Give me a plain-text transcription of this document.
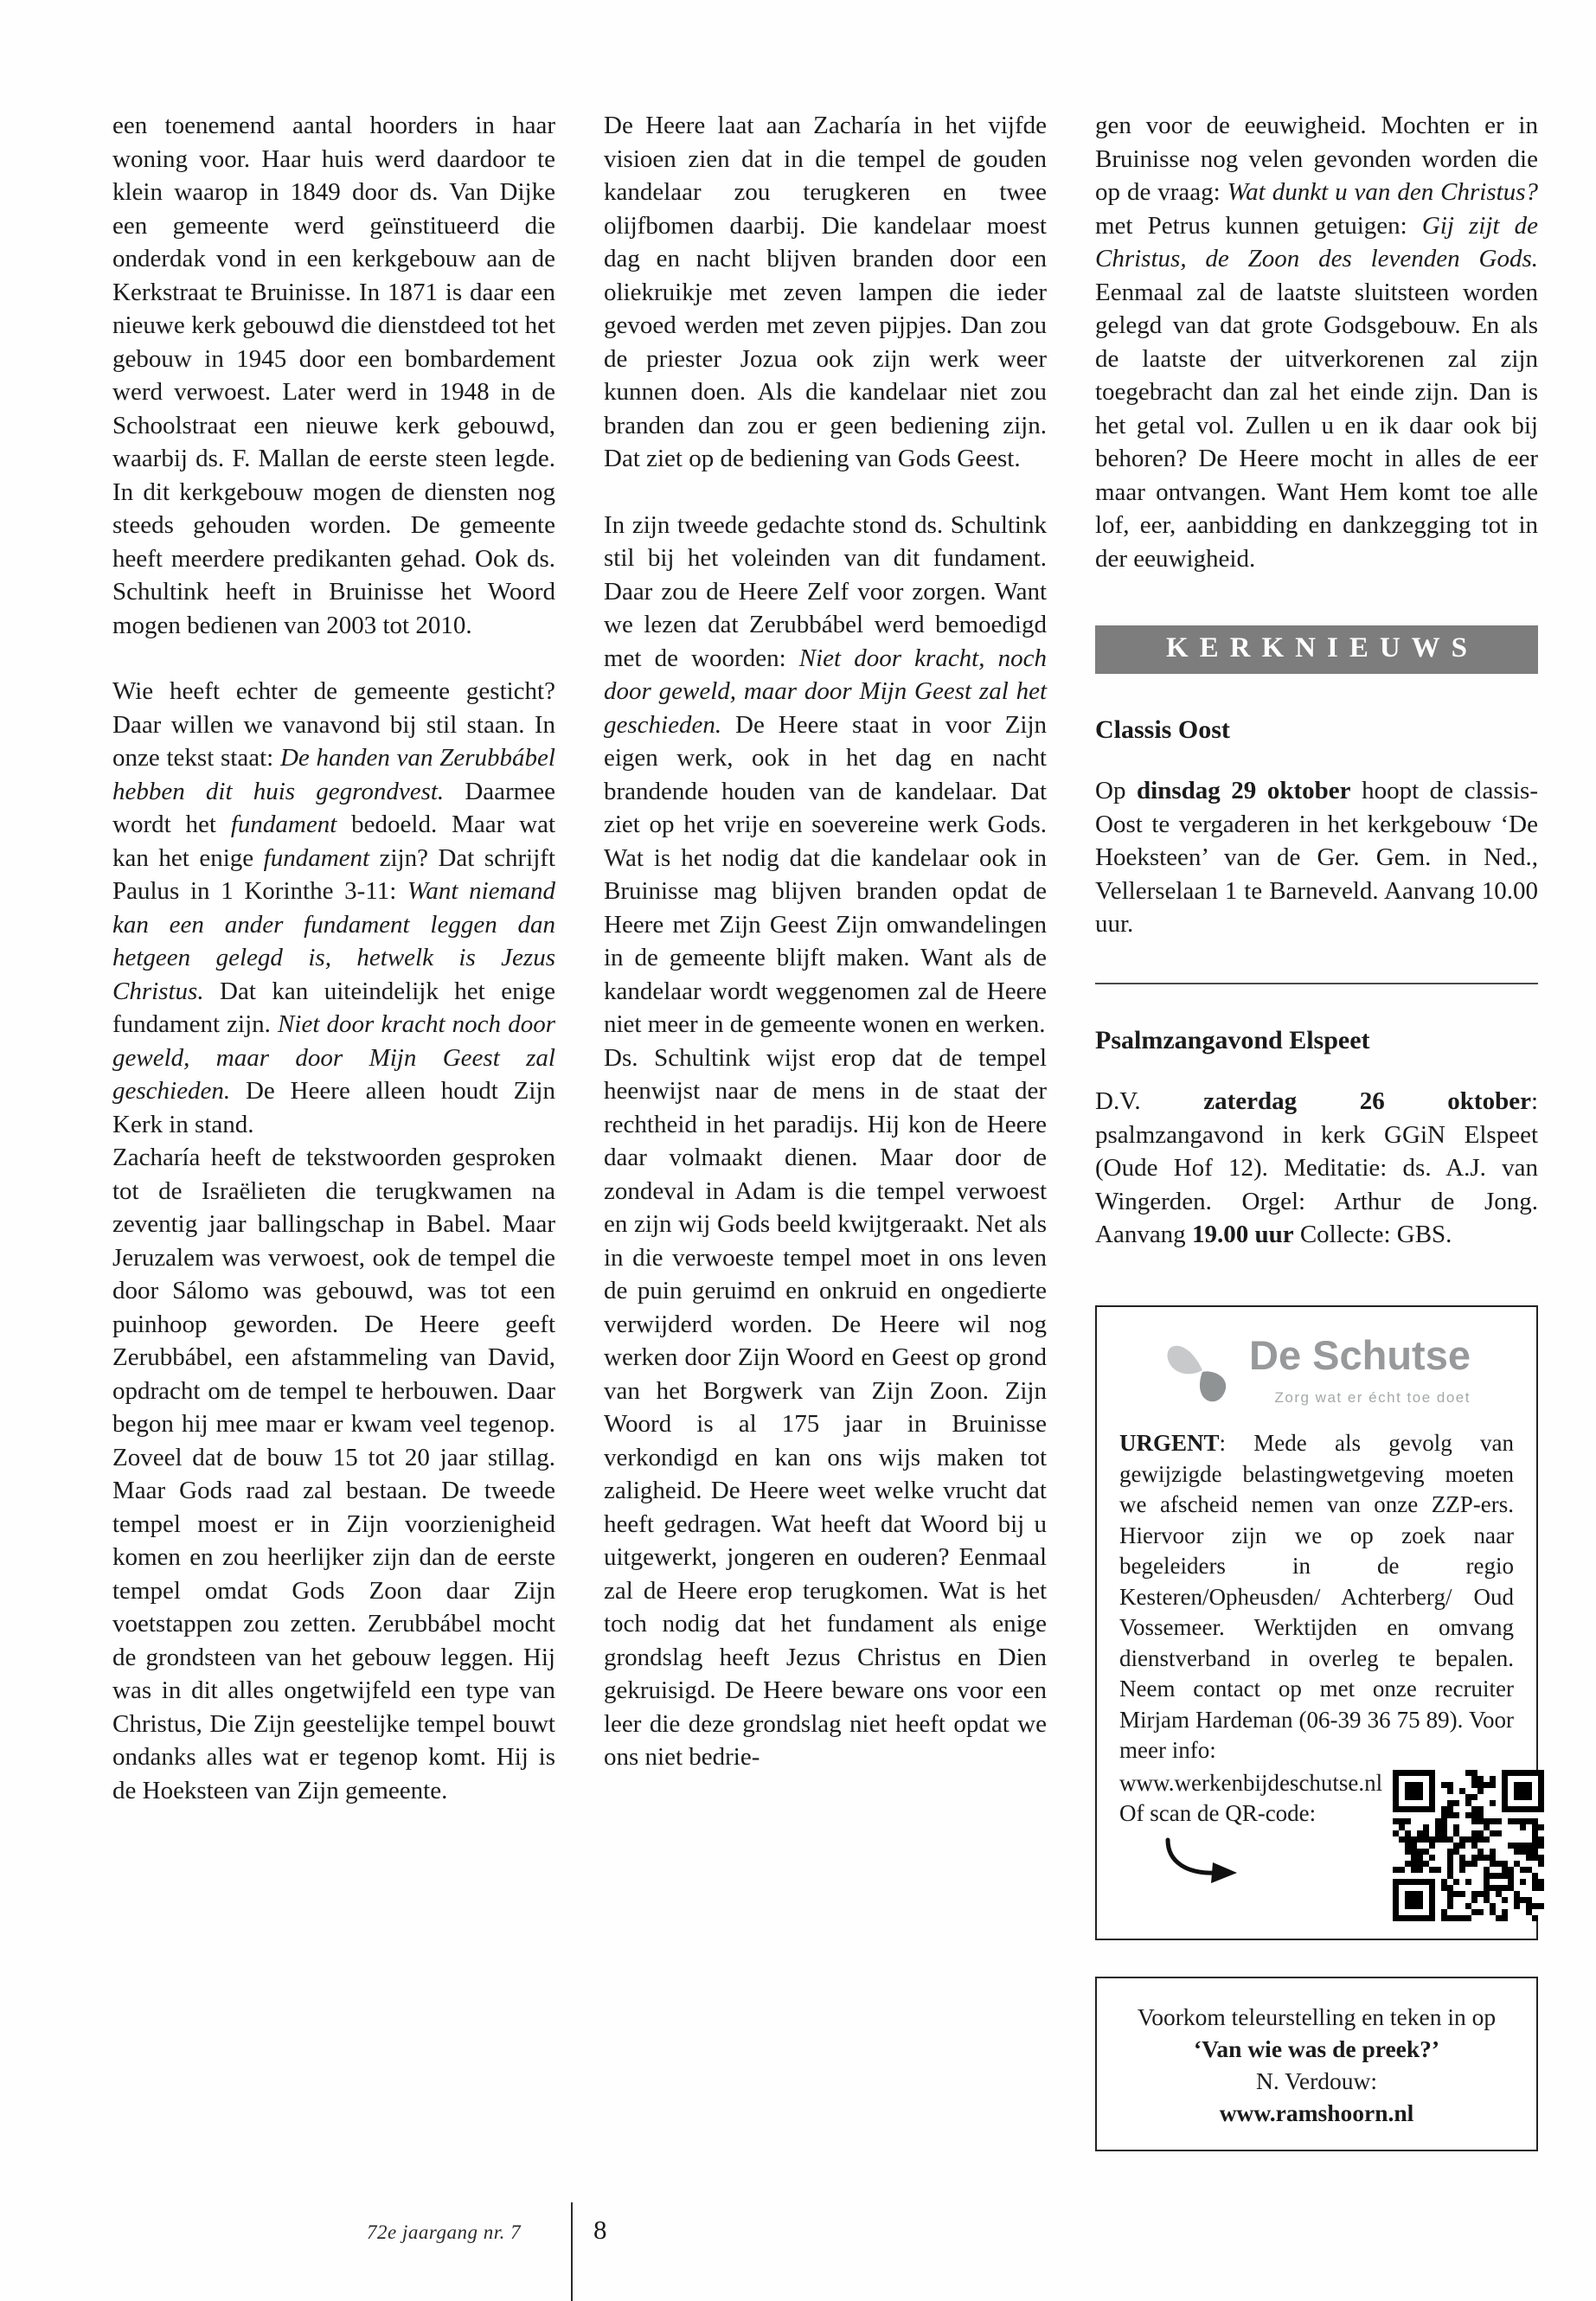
een toenemend aantal hoorders in haar woning voor. Haar huis werd daardoor te klein waarop in 1849 door ds. Van Dijke een gemeente werd geïnstitueerd die onderdak vond in een kerkgebouw aan de Kerkstraat te Bruinisse. In 1871 is daar een nieuwe kerk gebouwd die dienstdeed tot het gebouw in 1945 door een bombardement werd verwoest. Later werd in 1948 in de Schoolstraat een nieuwe kerk gebouwd, waarbij ds. F. Mallan de eerste steen legde. In dit kerkgebouw mogen de diensten nog steeds gehouden worden. De gemeente heeft meerdere predikanten gehad. Ook ds. Schultink heeft in Bruinisse het Woord mogen bedienen van 2003 tot 2010.

Wie heeft echter de gemeente gesticht? Daar willen we vanavond bij stil staan. In onze tekst staat: De handen van Zerubbábel hebben dit huis gegrondvest. Daarmee wordt het fundament bedoeld. Maar wat kan het enige fundament zijn? Dat schrijft Paulus in 1 Korinthe 3-11: Want niemand kan een ander fundament leggen dan hetgeen gelegd is, hetwelk is Jezus Christus. Dat kan uiteindelijk het enige fundament zijn. Niet door kracht noch door geweld, maar door Mijn Geest zal geschieden. De Heere alleen houdt Zijn Kerk in stand.

Zacharía heeft de tekstwoorden gesproken tot de Israëlieten die terugkwamen na zeventig jaar ballingschap in Babel. Maar Jeruzalem was verwoest, ook de tempel die door Sálomo was gebouwd, was tot een puinhoop geworden. De Heere geeft Zerubbábel, een afstammeling van David, opdracht om de tempel te herbouwen. Daar begon hij mee maar er kwam veel tegenop. Zoveel dat de bouw 15 tot 20 jaar stillag. Maar Gods raad zal bestaan. De tweede tempel moest er in Zijn voorzienigheid komen en zou heerlijker zijn dan de eerste tempel omdat Gods Zoon daar Zijn voetstappen zou zetten. Zerubbábel mocht de grondsteen van het gebouw leggen. Hij was in dit alles ongetwijfeld een type van Christus, Die Zijn geestelijke tempel bouwt ondanks alles wat er tegenop komt. Hij is de Hoeksteen van Zijn gemeente.

De Heere laat aan Zacharía in het vijfde visioen zien dat in die tempel de gouden kandelaar zou terugkeren en twee olijfbomen daarbij. Die kandelaar moest dag en nacht blijven branden door een oliekruikje met zeven lampen die ieder gevoed werden met zeven pijpjes. Dan zou de priester Jozua ook zijn werk weer kunnen doen. Als die kandelaar niet zou branden dan zou er geen bediening zijn. Dat ziet op de bediening van Gods Geest.

In zijn tweede gedachte stond ds. Schultink stil bij het voleinden van dit fundament. Daar zou de Heere Zelf voor zorgen. Want we lezen dat Zerubbábel werd bemoedigd met de woorden: Niet door kracht, noch door geweld, maar door Mijn Geest zal het geschieden. De Heere staat in voor Zijn eigen werk, ook in het dag en nacht brandende houden van de kandelaar. Dat ziet op het vrije en soevereine werk Gods. Wat is het nodig dat die kandelaar ook in Bruinisse mag blijven branden opdat de Heere met Zijn Geest Zijn omwandelingen in de gemeente blijft maken. Want als de kandelaar wordt weggenomen zal de Heere niet meer in de gemeente wonen en werken.

Ds. Schultink wijst erop dat de tempel heenwijst naar de mens in de staat der rechtheid in het paradijs. Hij kon de Heere daar volmaakt dienen. Maar door de zondeval in Adam is die tempel verwoest en zijn wij Gods beeld kwijtgeraakt. Net als in die verwoeste tempel moet in ons leven de puin geruimd en onkruid en ongedierte verwijderd worden. De Heere wil nog werken door Zijn Woord en Geest op grond van het Borgwerk van Zijn Zoon. Zijn Woord is al 175 jaar in Bruinisse verkondigd en kan ons wijs maken tot zaligheid. De Heere weet welke vrucht dat heeft gedragen. Wat heeft dat Woord bij u uitgewerkt, jongeren en ouderen? Eenmaal zal de Heere erop terugkomen. Wat is het toch nodig dat het fundament als enige grondslag heeft Jezus Christus en Dien gekruisigd. De Heere beware ons voor een leer die deze grondslag niet heeft opdat we ons niet bedrie-

gen voor de eeuwigheid. Mochten er in Bruinisse nog velen gevonden worden die op de vraag: Wat dunkt u van den Christus? met Petrus kunnen getuigen: Gij zijt de Christus, de Zoon des levenden Gods. Eenmaal zal de laatste sluitsteen worden gelegd van dat grote Godsgebouw. En als de laatste der uitverkorenen zal zijn toegebracht dan zal het einde zijn. Dan is het getal vol. Zullen u en ik daar ook bij behoren? De Heere mocht in alles de eer maar ontvangen. Want Hem komt toe alle lof, eer, aanbidding en dankzegging tot in der eeuwigheid.

KERKNIEUWS
Classis Oost

Op dinsdag 29 oktober hoopt de classis-Oost te vergaderen in het kerkgebouw ‘De Hoeksteen’ van de Ger. Gem. in Ned., Vellerselaan 1 te Barneveld. Aanvang 10.00 uur.

Psalmzangavond Elspeet

D.V. zaterdag 26 oktober: psalmzangavond in kerk GGiN Elspeet (Oude Hof 12). Meditatie: ds. A.J. van Wingerden. Orgel: Arthur de Jong. Aanvang 19.00 uur Collecte: GBS.

De Schutse
Zorg wat er écht toe doet

URGENT: Mede als gevolg van gewijzigde belastingwetgeving moeten we afscheid nemen van onze ZZP-ers. Hiervoor zijn we op zoek naar begeleiders in de regio Kesteren/Opheusden/ Achterberg/ Oud Vossemeer. Werktijden en omvang dienstverband in overleg te bepalen. Neem contact op met onze recruiter Mirjam Hardeman (06-39 36 75 89). Voor meer info:

www.werkenbijdeschutse.nl Of scan de QR-code:

Voorkom teleurstelling en teken in op ‘Van wie was de preek?’

N. Verdouw:

www.ramshoorn.nl

72e jaargang nr. 7	8
